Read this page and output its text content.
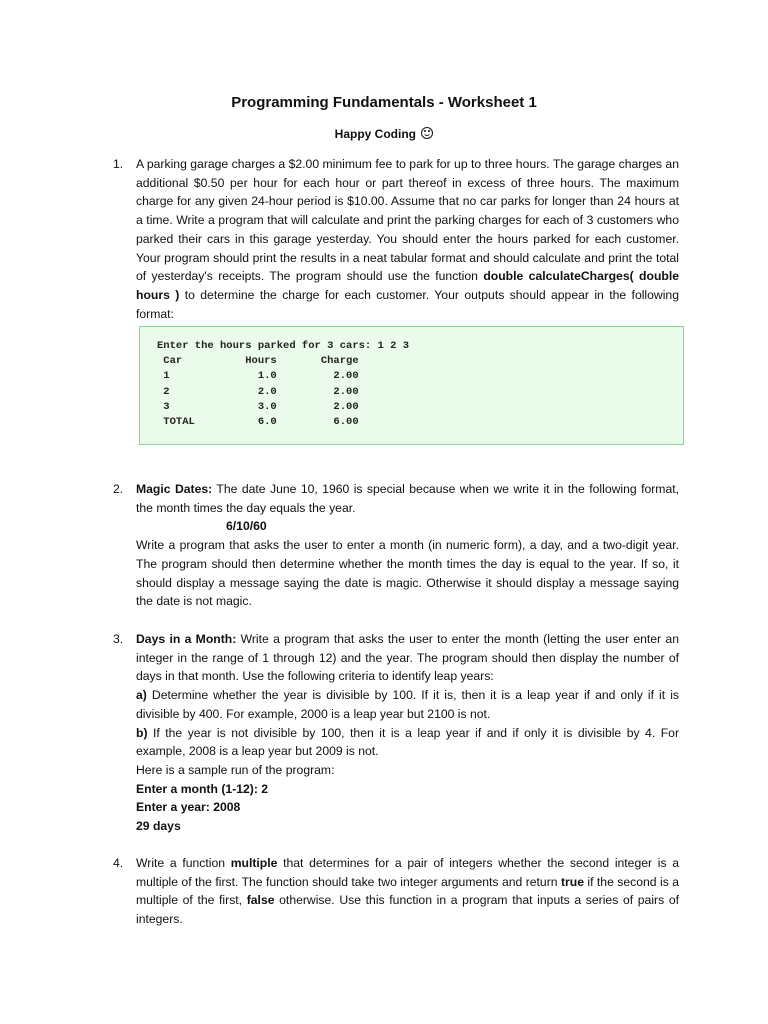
Programming Fundamentals - Worksheet 1
Happy Coding
1. A parking garage charges a $2.00 minimum fee to park for up to three hours. The garage charges an additional $0.50 per hour for each hour or part thereof in excess of three hours. The maximum charge for any given 24-hour period is $10.00. Assume that no car parks for longer than 24 hours at a time. Write a program that will calculate and print the parking charges for each of 3 customers who parked their cars in this garage yesterday. You should enter the hours parked for each customer. Your program should print the results in a neat tabular format and should calculate and print the total of yesterday's receipts. The program should use the function double calculateCharges( double hours ) to determine the charge for each customer. Your outputs should appear in the following format:

Enter the hours parked for 3 cars: 1 2 3
Car          Hours       Charge
1              1.0         2.00
2              2.0         2.00
3              3.0         2.00
TOTAL          6.0         6.00
2. Magic Dates: The date June 10, 1960 is special because when we write it in the following format, the month times the day equals the year.

6/10/60

Write a program that asks the user to enter a month (in numeric form), a day, and a two-digit year. The program should then determine whether the month times the day is equal to the year. If so, it should display a message saying the date is magic. Otherwise it should display a message saying the date is not magic.

3. Days in a Month: Write a program that asks the user to enter the month (letting the user enter an integer in the range of 1 through 12) and the year. The program should then display the number of days in that month. Use the following criteria to identify leap years:

a) Determine whether the year is divisible by 100. If it is, then it is a leap year if and only if it is divisible by 400. For example, 2000 is a leap year but 2100 is not.

b) If the year is not divisible by 100, then it is a leap year if and if only it is divisible by 4. For example, 2008 is a leap year but 2009 is not.

Here is a sample run of the program:

Enter a month (1-12): 2

Enter a year: 2008

29 days

4. Write a function multiple that determines for a pair of integers whether the second integer is a multiple of the first. The function should take two integer arguments and return true if the second is a multiple of the first, false otherwise. Use this function in a program that inputs a series of pairs of integers.
